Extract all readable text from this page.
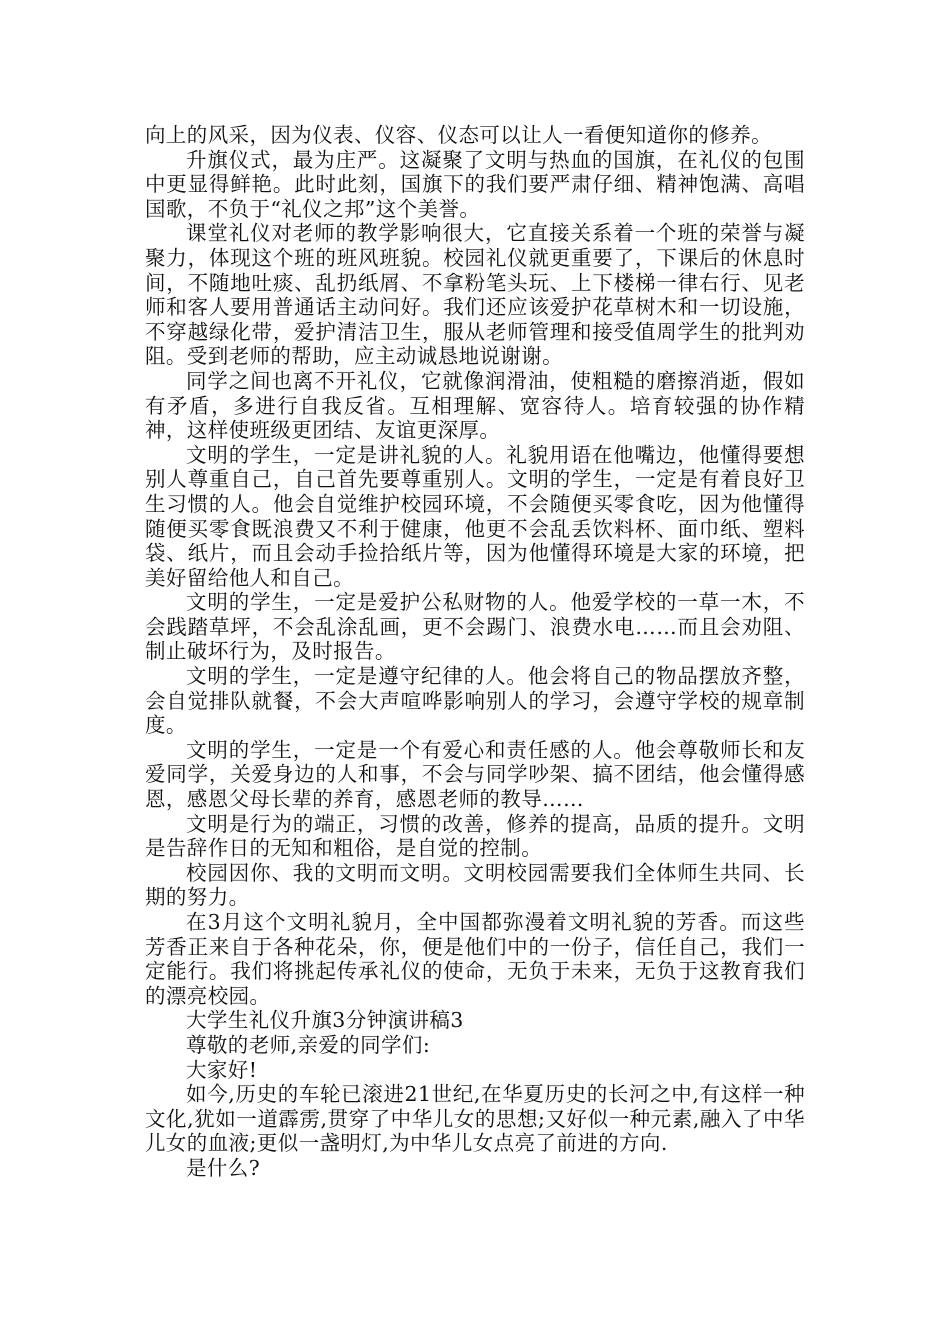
向上的风采，因为仪表、仪容、仪态可以让人一看便知道你的修养。

升旗仪式，最为庄严。这凝聚了文明与热血的国旗，在礼仪的包围中更显得鲜艳。此时此刻，国旗下的我们要严肃仔细、精神饱满、高唱国歌，不负于“礼仪之邦”这个美誉。

课堂礼仪对老师的教学影响很大，它直接关系着一个班的荣誉与凝聚力，体现这个班的班风班貌。校园礼仪就更重要了，下课后的休息时间，不随地吐痰、乱扔纸屑、不拿粉笔头玩、上下楼梯一律右行、见老师和客人要用普通话主动问好。我们还应该爱护花草树木和一切设施，不穿越绿化带，爱护清洁卫生，服从老师管理和接受值周学生的批判劝阻。受到老师的帮助，应主动诚恳地说谢谢。

同学之间也离不开礼仪，它就像润滑油，使粗糙的磨擦消逝，假如有矛盾，多进行自我反省。互相理解、宽容待人。培育较强的协作精神，这样使班级更团结、友谊更深厚。

文明的学生，一定是讲礼貌的人。礼貌用语在他嘴边，他懂得要想别人尊重自己，自己首先要尊重别人。文明的学生，一定是有着良好卫生习惯的人。他会自觉维护校园环境，不会随便买零食吃，因为他懂得随便买零食既浪费又不利于健康，他更不会乱丢饮料杯、面巾纸、塑料袋、纸片，而且会动手捡拾纸片等，因为他懂得环境是大家的环境，把美好留给他人和自己。

文明的学生，一定是爱护公私财物的人。他爱学校的一草一木，不会践踏草坪，不会乱涂乱画，更不会踢门、浪费水电……而且会劝阻、制止破坏行为，及时报告。

文明的学生，一定是遵守纪律的人。他会将自己的物品摆放齐整，会自觉排队就餐，不会大声喧哗影响别人的学习，会遵守学校的规章制度。

文明的学生，一定是一个有爱心和责任感的人。他会尊敬师长和友爱同学，关爱身边的人和事，不会与同学吵架、搞不团结，他会懂得感恩，感恩父母长辈的养育，感恩老师的教导……

文明是行为的端正，习惯的改善，修养的提高，品质的提升。文明是告辞作日的无知和粗俗，是自觉的控制。

校园因你、我的文明而文明。文明校园需要我们全体师生共同、长期的努力。

在3月这个文明礼貌月，全中国都弥漫着文明礼貌的芳香。而这些芳香正来自于各种花朵，你，便是他们中的一份子，信任自己，我们一定能行。我们将挑起传承礼仪的使命，无负于未来，无负于这教育我们的漂亮校园。

大学生礼仪升旗3分钟演讲稿3

尊敬的老师,亲爱的同学们:

大家好!

如今,历史的车轮已滚进21世纪,在华夏历史的长河之中,有这样一种文化,犹如一道霹雳,贯穿了中华儿女的思想;又好似一种元素,融入了中华儿女的血液;更似一盏明灯,为中华儿女点亮了前进的方向.

是什么?
